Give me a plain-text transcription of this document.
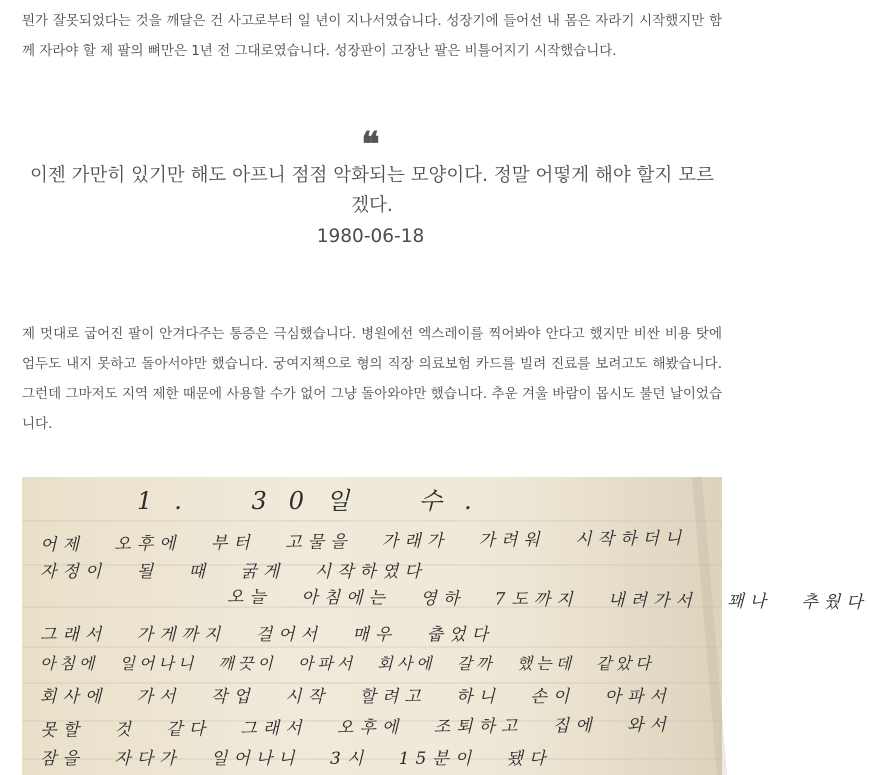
뭔가 잘못되었다는 것을 깨달은 건 사고로부터 일 년이 지나서였습니다. 성장기에 들어선 내 몸은 자라기 시작했지만 함께 자라야 할 제 팔의 뼈만은 1년 전 그대로였습니다. 성장판이 고장난 팔은 비틀어지기 시작했습니다.

❝

이젠 가만히 있기만 해도 아프니 점점 악화되는 모양이다. 정말 어떻게 해야 할지 모르겠다.

1980-06-18

제 멋대로 굽어진 팔이 안겨다주는 통증은 극심했습니다. 병원에선 엑스레이를 찍어봐야 안다고 했지만 비싼 비용 탓에 엄두도 내지 못하고 돌아서야만 했습니다. 궁여지책으로 형의 직장 의료보험 카드를 빌려 진료를 보려고도 해봤습니다. 그런데 그마저도 지역 제한 때문에 사용할 수가 없어 그냥 돌아와야만 했습니다. 추운 겨울 바람이 몹시도 불던 날이었습니다.

1. 30일 수.
어제 오후에 부터 고물을 가래가 가려워 시작하더니
자정이 될 때 굵게 시작하였다
오늘 아침에는 영하 7도까지 내려가서 꽤나 추웠다
그래서 가게까지 걸어서 매우 춥었다
아침에 일어나니 깨끗이 아파서 회사에 갈까 했는데 같았다
회사에 가서 작업 시작 할려고 하니 손이 아파서
못할 것 같다 그래서 오후에 조퇴하고 집에 와서
잠을 자다가 일어나니 3시 15분이 됐다
